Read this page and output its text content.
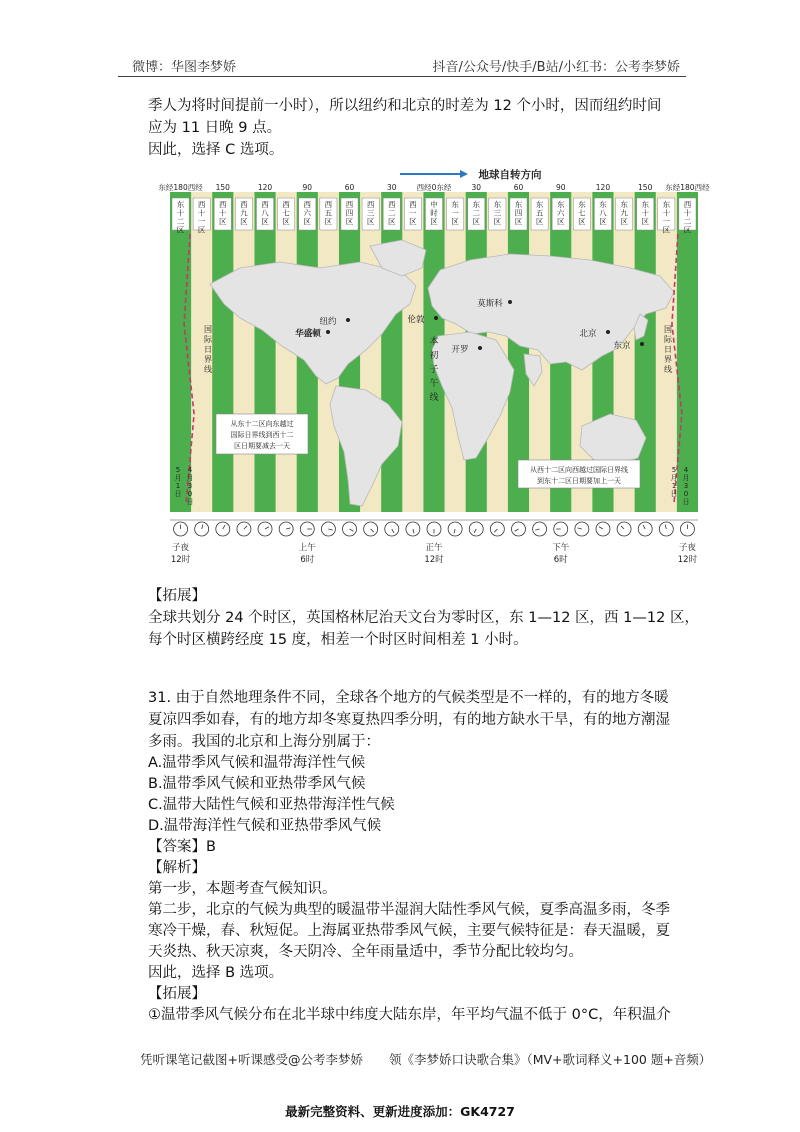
微博：华图李梦娇	抖音/公众号/快手/B站/小红书：公考李梦娇
季人为将时间提前一小时），所以纽约和北京的时差为 12 个小时，因而纽约时间
应为 11 日晚 9 点。
因此，选择 C 选项。
东
十
二
区
西
十
一
区
西
十
区
西
九
区
西
八
区
西
七
区
西
六
区
西
五
区
西
四
区
西
三
区
西
二
区
西
一
区
中
时
区
东
一
区
东
二
区
东
三
区
东
四
区
东
五
区
东
六
区
东
七
区
东
八
区
东
九
区
东
十
区
东
十
一
区
西
十
二
区
东经180西经 150	120	90	60	30	西经0东经	30	60	90	120	150 东经180西经
地球自转方向
国	国
际	际
日	日
界	界
线	线
本
初
子
午
线
纽约
华盛顿
伦敦
莫斯科
开罗
北京
东京
从东十二区向东越过
国际日界线到西十二
区日期要减去一天
从西十二区向西越过国际日界线
到东十二区日期要加上一天
5
月
1
日
4
月
3
0
日
5
月
1
日
4
月
3
0
日
子夜
12时
上午
6时
正午
12时
下午
6时
子夜
12时
【拓展】
全球共划分 24 个时区，英国格林尼治天文台为零时区，东 1—12 区，西 1—12 区，
每个时区横跨经度 15 度，相差一个时区时间相差 1 小时。
31. 由于自然地理条件不同，全球各个地方的气候类型是不一样的，有的地方冬暖
夏凉四季如春，有的地方却冬寒夏热四季分明，有的地方缺水干旱，有的地方潮湿
多雨。我国的北京和上海分别属于：
A.温带季风气候和温带海洋性气候
B.温带季风气候和亚热带季风气候
C.温带大陆性气候和亚热带海洋性气候
D.温带海洋性气候和亚热带季风气候
【答案】B
【解析】
第一步，本题考查气候知识。
第二步，北京的气候为典型的暖温带半湿润大陆性季风气候，夏季高温多雨，冬季
寒冷干燥，春、秋短促。上海属亚热带季风气候，主要气候特征是：春天温暖，夏
天炎热、秋天凉爽，冬天阴冷、全年雨量适中，季节分配比较均匀。
因此，选择 B 选项。
【拓展】
①温带季风气候分布在北半球中纬度大陆东岸，年平均气温不低于 0°C，年积温介
凭听课笔记截图+听课感受@公考李梦娇 领《李梦娇口诀歌合集》（MV+歌词释义+100 题+音频）
最新完整资料、更新进度添加：GK4727
